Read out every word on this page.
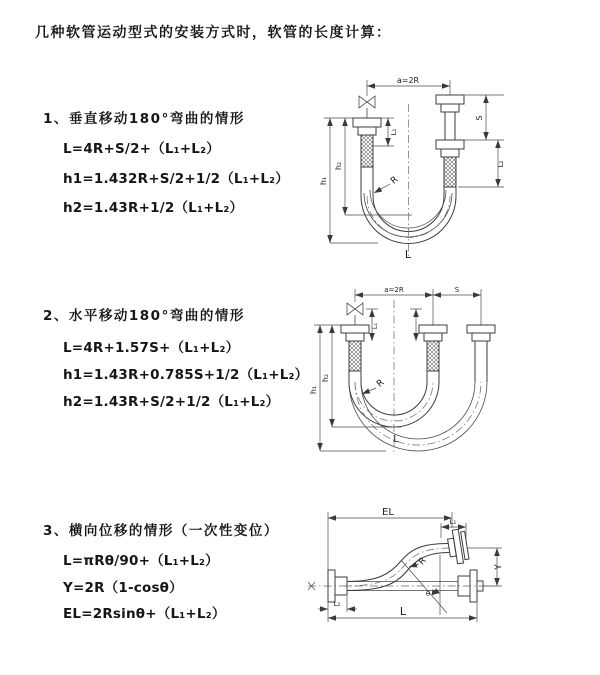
几种软管运动型式的安装方式时，软管的长度计算：
1、垂直移动180°弯曲的情形
L=4R+S/2+（L₁+L₂）
h1=1.432R+S/2+1/2（L₁+L₂）
h2=1.43R+1/2（L₁+L₂）
2、水平移动180°弯曲的情形
L=4R+1.57S+（L₁+L₂）
h1=1.43R+0.785S+1/2（L₁+L₂）
h2=1.43R+S/2+1/2（L₁+L₂）
3、横向位移的情形（一次性变位）
L=πRθ/90+（L₁+L₂）
Y=2R（1-cosθ）
EL=2Rsinθ+（L₁+L₂）
a=2R
L₁
S
L₂
h₂
h₁	R
L
a=2R	S
L₁
h₂
h₁
R
L
EL
L₁
Y
θ
R
L
L₂
